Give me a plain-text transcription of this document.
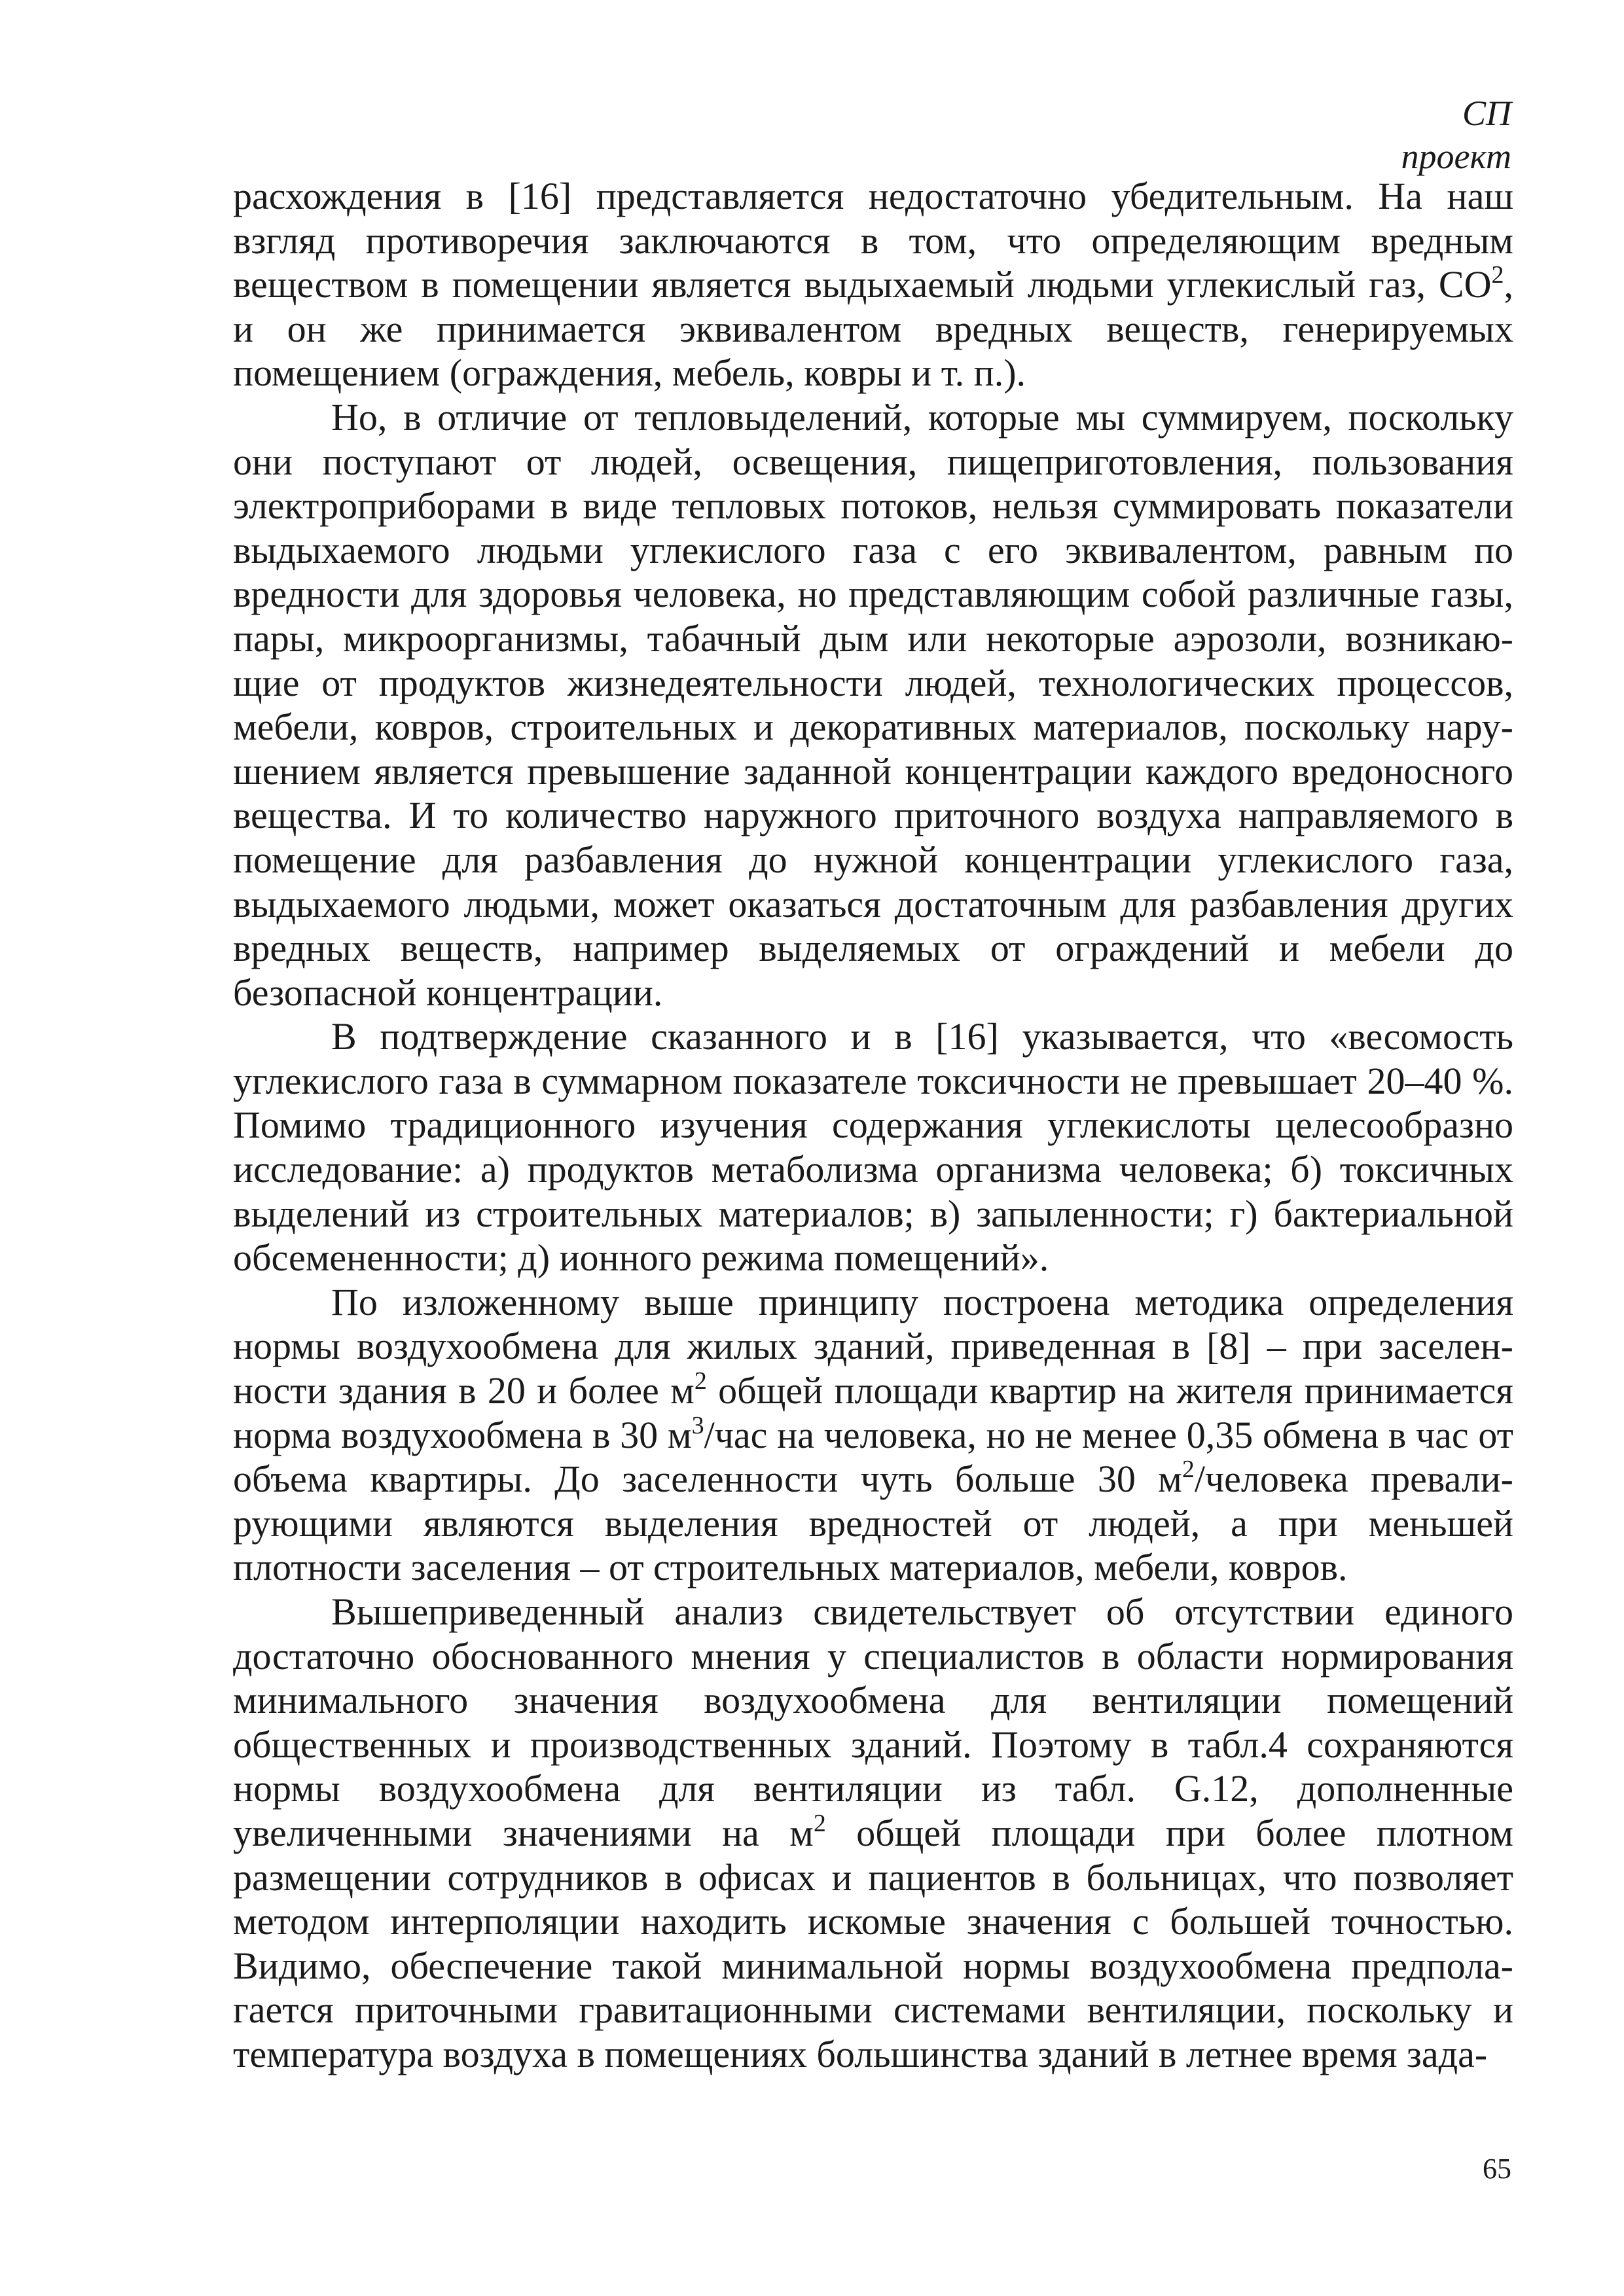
СП
проект

расхождения в [16] представляется недостаточно убедительным. На наш взгляд противоречия заключаются в том, что определяющим вредным веществом в помещении является выдыхаемый людьми углекислый газ, $СО^2$, и он же принимается эквивалентом вредных веществ, генерируемых помещением (ограждения, мебель, ковры и т. п.).

Но, в отличие от тепловыделений, которые мы суммируем, поскольку они поступают от людей, освещения, пищеприготовления, пользования электроприборами в виде тепловых потоков, нельзя суммировать показатели выдыхаемого людьми углекислого газа с его эквивалентом, равным по вредности для здоровья человека, но представляющим собой различные газы, пары, микроорганизмы, табачный дым или некоторые аэрозоли, возникаю-щие от продуктов жизнедеятельности людей, технологических процессов, мебели, ковров, строительных и декоративных материалов, поскольку нару-шением является превышение заданной концентрации каждого вредоносного вещества. И то количество наружного приточного воздуха направляемого в помещение для разбавления до нужной концентрации углекислого газа, выдыхаемого людьми, может оказаться достаточным для разбавления других вредных веществ, например выделяемых от ограждений и мебели до безопасной концентрации.

В подтверждение сказанного и в [16] указывается, что «весомость углекислого газа в суммарном показателе токсичности не превышает 20–40 %. Помимо традиционного изучения содержания углекислоты целесообразно исследование: а) продуктов метаболизма организма человека; б) токсичных выделений из строительных материалов; в) запыленности; г) бактериальной обсемененности; д) ионного режима помещений».

По изложенному выше принципу построена методика определения нормы воздухообмена для жилых зданий, приведенная в [8] – при заселен-ности здания в 20 и более $м^2$ общей площади квартир на жителя принимается норма воздухообмена в 30 $м^3$/час на человека, но не менее 0,35 обмена в час от объема квартиры. До заселенности чуть больше 30 $м^2$/человека превали-рующими являются выделения вредностей от людей, а при меньшей плотности заселения – от строительных материалов, мебели, ковров.

Вышеприведенный анализ свидетельствует об отсутствии единого достаточно обоснованного мнения у специалистов в области нормирования минимального значения воздухообмена для вентиляции помещений общественных и производственных зданий. Поэтому в табл.4 сохраняются нормы воздухообмена для вентиляции из табл. G.12, дополненные увеличенными значениями на $м^2$ общей площади при более плотном размещении сотрудников в офисах и пациентов в больницах, что позволяет методом интерполяции находить искомые значения с большей точностью. Видимо, обеспечение такой минимальной нормы воздухообмена предпола-гается приточными гравитационными системами вентиляции, поскольку и температура воздуха в помещениях большинства зданий в летнее время зада-

65
